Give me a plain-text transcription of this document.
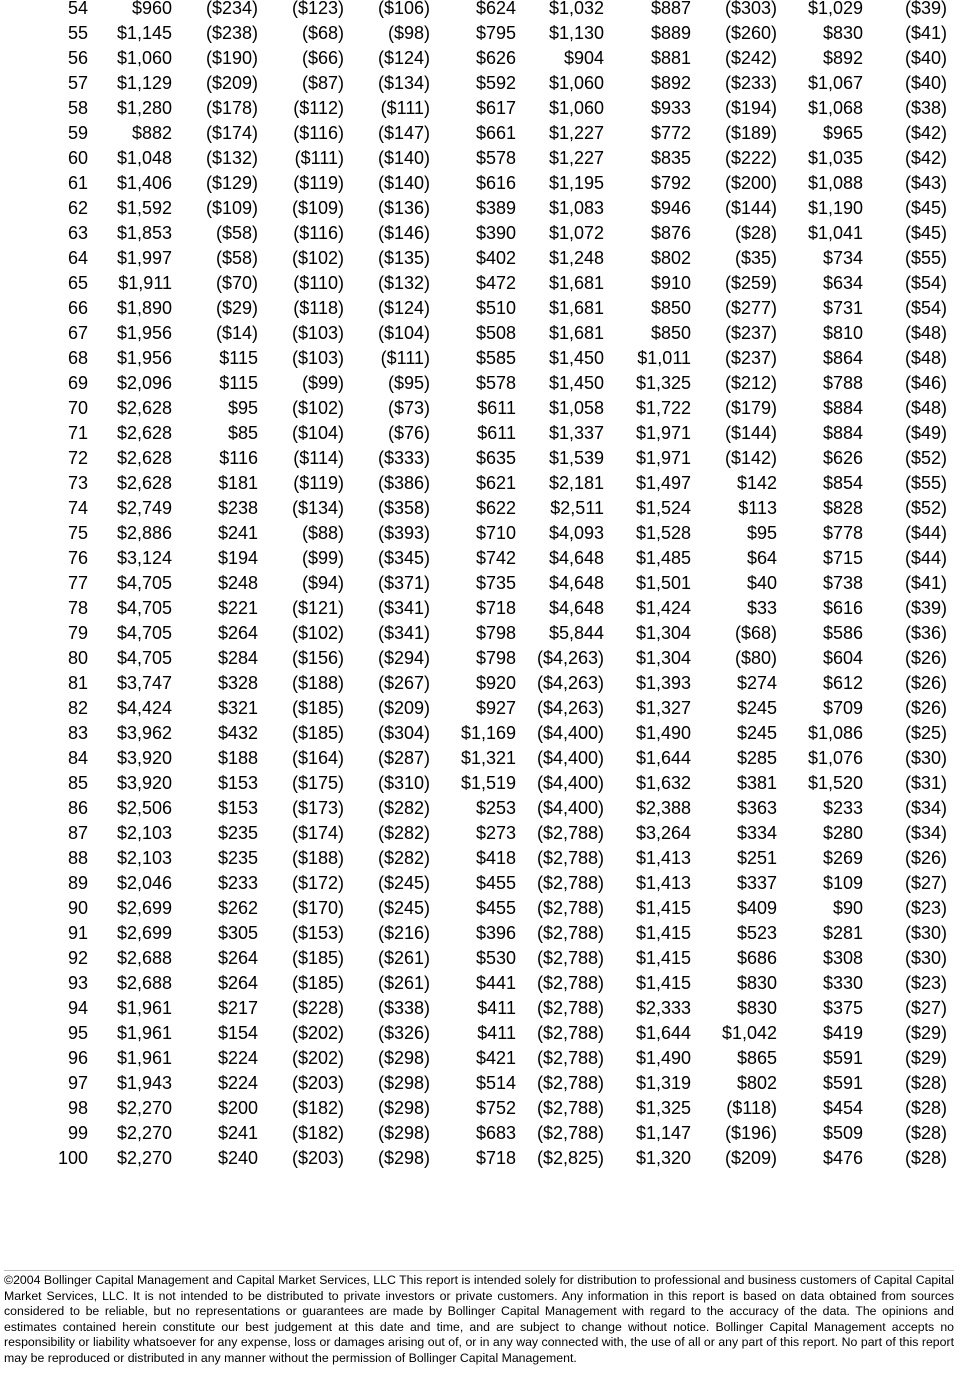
54	$960	($234)	($123)	($106)	$624	$1,032	$887	($303)	$1,029	($39)
55	$1,145	($238)	($68)	($98)	$795	$1,130	$889	($260)	$830	($41)
56	$1,060	($190)	($66)	($124)	$626	$904	$881	($242)	$892	($40)
57	$1,129	($209)	($87)	($134)	$592	$1,060	$892	($233)	$1,067	($40)
58	$1,280	($178)	($112)	($111)	$617	$1,060	$933	($194)	$1,068	($38)
59	$882	($174)	($116)	($147)	$661	$1,227	$772	($189)	$965	($42)
60	$1,048	($132)	($111)	($140)	$578	$1,227	$835	($222)	$1,035	($42)
61	$1,406	($129)	($119)	($140)	$616	$1,195	$792	($200)	$1,088	($43)
62	$1,592	($109)	($109)	($136)	$389	$1,083	$946	($144)	$1,190	($45)
63	$1,853	($58)	($116)	($146)	$390	$1,072	$876	($28)	$1,041	($45)
64	$1,997	($58)	($102)	($135)	$402	$1,248	$802	($35)	$734	($55)
65	$1,911	($70)	($110)	($132)	$472	$1,681	$910	($259)	$634	($54)
66	$1,890	($29)	($118)	($124)	$510	$1,681	$850	($277)	$731	($54)
67	$1,956	($14)	($103)	($104)	$508	$1,681	$850	($237)	$810	($48)
68	$1,956	$115	($103)	($111)	$585	$1,450	$1,011	($237)	$864	($48)
69	$2,096	$115	($99)	($95)	$578	$1,450	$1,325	($212)	$788	($46)
70	$2,628	$95	($102)	($73)	$611	$1,058	$1,722	($179)	$884	($48)
71	$2,628	$85	($104)	($76)	$611	$1,337	$1,971	($144)	$884	($49)
72	$2,628	$116	($114)	($333)	$635	$1,539	$1,971	($142)	$626	($52)
73	$2,628	$181	($119)	($386)	$621	$2,181	$1,497	$142	$854	($55)
74	$2,749	$238	($134)	($358)	$622	$2,511	$1,524	$113	$828	($52)
75	$2,886	$241	($88)	($393)	$710	$4,093	$1,528	$95	$778	($44)
76	$3,124	$194	($99)	($345)	$742	$4,648	$1,485	$64	$715	($44)
77	$4,705	$248	($94)	($371)	$735	$4,648	$1,501	$40	$738	($41)
78	$4,705	$221	($121)	($341)	$718	$4,648	$1,424	$33	$616	($39)
79	$4,705	$264	($102)	($341)	$798	$5,844	$1,304	($68)	$586	($36)
80	$4,705	$284	($156)	($294)	$798	($4,263)	$1,304	($80)	$604	($26)
81	$3,747	$328	($188)	($267)	$920	($4,263)	$1,393	$274	$612	($26)
82	$4,424	$321	($185)	($209)	$927	($4,263)	$1,327	$245	$709	($26)
83	$3,962	$432	($185)	($304)	$1,169	($4,400)	$1,490	$245	$1,086	($25)
84	$3,920	$188	($164)	($287)	$1,321	($4,400)	$1,644	$285	$1,076	($30)
85	$3,920	$153	($175)	($310)	$1,519	($4,400)	$1,632	$381	$1,520	($31)
86	$2,506	$153	($173)	($282)	$253	($4,400)	$2,388	$363	$233	($34)
87	$2,103	$235	($174)	($282)	$273	($2,788)	$3,264	$334	$280	($34)
88	$2,103	$235	($188)	($282)	$418	($2,788)	$1,413	$251	$269	($26)
89	$2,046	$233	($172)	($245)	$455	($2,788)	$1,413	$337	$109	($27)
90	$2,699	$262	($170)	($245)	$455	($2,788)	$1,415	$409	$90	($23)
91	$2,699	$305	($153)	($216)	$396	($2,788)	$1,415	$523	$281	($30)
92	$2,688	$264	($185)	($261)	$530	($2,788)	$1,415	$686	$308	($30)
93	$2,688	$264	($185)	($261)	$441	($2,788)	$1,415	$830	$330	($23)
94	$1,961	$217	($228)	($338)	$411	($2,788)	$2,333	$830	$375	($27)
95	$1,961	$154	($202)	($326)	$411	($2,788)	$1,644	$1,042	$419	($29)
96	$1,961	$224	($202)	($298)	$421	($2,788)	$1,490	$865	$591	($29)
97	$1,943	$224	($203)	($298)	$514	($2,788)	$1,319	$802	$591	($28)
98	$2,270	$200	($182)	($298)	$752	($2,788)	$1,325	($118)	$454	($28)
99	$2,270	$241	($182)	($298)	$683	($2,788)	$1,147	($196)	$509	($28)
100	$2,270	$240	($203)	($298)	$718	($2,825)	$1,320	($209)	$476	($28)
©2004 Bollinger Capital Management and Capital Market Services, LLC This report is intended solely for distribution to professional and business customers of Capital Capital Market Services, LLC. It is not intended to be distributed to private investors or private customers. Any information in this report is based on data obtained from sources considered to be reliable, but no representations or guarantees are made by Bollinger Capital Management with regard to the accuracy of the data. The opinions and estimates contained herein constitute our best judgement at this date and time, and are subject to change without notice. Bollinger Capital Management accepts no responsibility or liability whatsoever for any expense, loss or damages arising out of, or in any way connected with, the use of all or any part of this report. No part of this report may be reproduced or distributed in any manner without the permission of Bollinger Capital Management.
